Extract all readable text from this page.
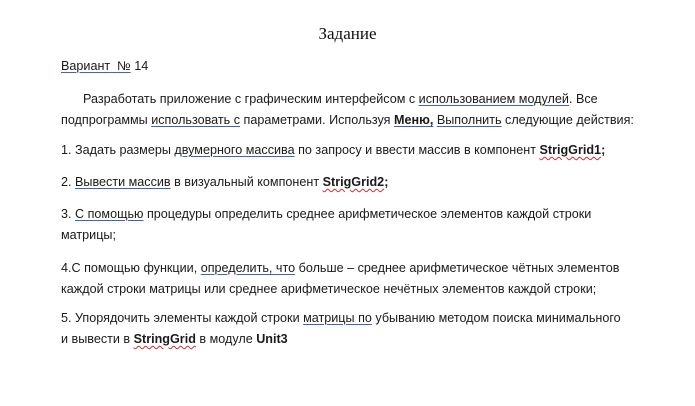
Задание
Вариант № 14
Разработать приложение с графическим интерфейсом с использованием модулей. Все
подпрограммы использовать с параметрами. Используя Меню, Выполнить следующие действия:
1. Задать размеры двумерного массива по запросу и ввести массив в компонент StrigGrid1;
2. Вывести массив в визуальный компонент StrigGrid2;
3. С помощью процедуры определить среднее арифметическое элементов каждой строки
матрицы;
4.С помощью функции, определить, что больше – среднее арифметическое чётных элементов
каждой строки матрицы или среднее арифметическое нечётных элементов каждой строки;
5. Упорядочить элементы каждой строки матрицы по убыванию методом поиска минимального
и вывести в StringGrid в модуле Unit3
